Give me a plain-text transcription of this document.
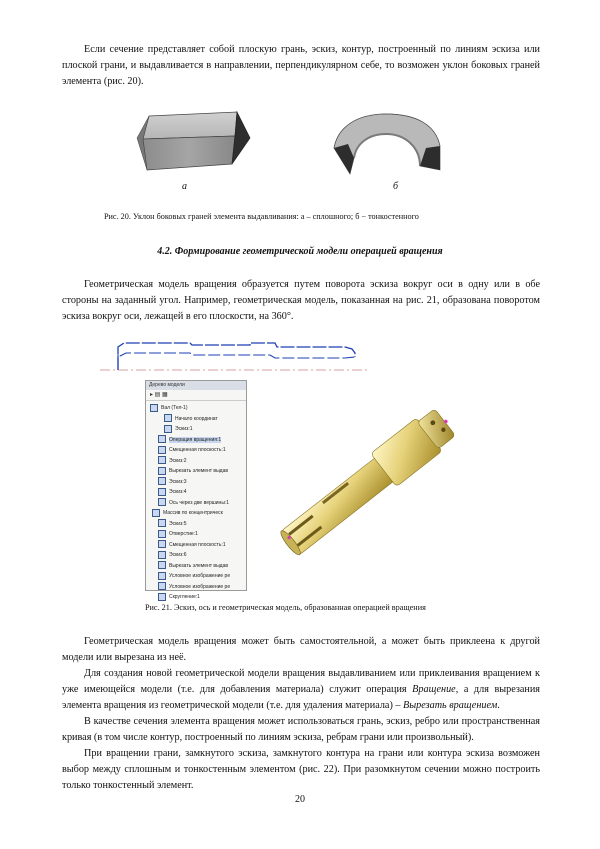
Если сечение представляет собой плоскую грань, эскиз, контур, построенный по линиям эскиза или плоской грани, и выдавливается в направлении, перпендикулярном себе, то возможен уклон боковых граней элемента (рис. 20).
а	б
Рис. 20. Уклон боковых граней элемента выдавливания: а – сплошного; б − тонкостенного
4.2. Формирование геометрической модели операцией вращения
Геометрическая модель вращения образуется путем поворота эскиза вокруг оси в одну или в обе стороны на заданный угол. Например, геометрическая модель, показанная на рис. 21, образована поворотом эскиза вокруг оси, лежащей в его плоскости, на 360°.
Дерево модели
▸ ▤ ▦
Вал (Тел-1)
Начало координат
Эскиз:1
Операция вращения:1
Смещенная плоскость:1
Эскиз:2
Вырезать элемент выдав
Эскиз:3
Эскиз:4
Ось через две вершины:1
Массив по концентрическ
Эскиз:5
Отверстие:1
Смещенная плоскость:1
Эскиз:6
Вырезать элемент выдав
Условное изображение ре
Условное изображение ре
Скругление:1
Рис. 21. Эскиз, ось и геометрическая модель, образованная операцией вращения
Геометрическая модель вращения может быть самостоятельной, а может быть приклеена к другой модели или вырезана из неё.
Для создания новой геометрической модели вращения выдавливанием или приклеивания вращением к уже имеющейся модели (т.е. для добавления материала) служит операция Вращение, а для вырезания элемента вращения из геометрической модели (т.е. для удаления материала) – Вырезать вращением.
В качестве сечения элемента вращения может использоваться грань, эскиз, ребро или пространственная кривая (в том числе контур, построенный по линиям эскиза, ребрам грани или произвольный).
При вращении грани, замкнутого эскиза, замкнутого контура на грани или контура эскиза возможен выбор между сплошным и тонкостенным элементом (рис. 22). При разомкнутом сечении можно построить только тонкостенный элемент.
20
